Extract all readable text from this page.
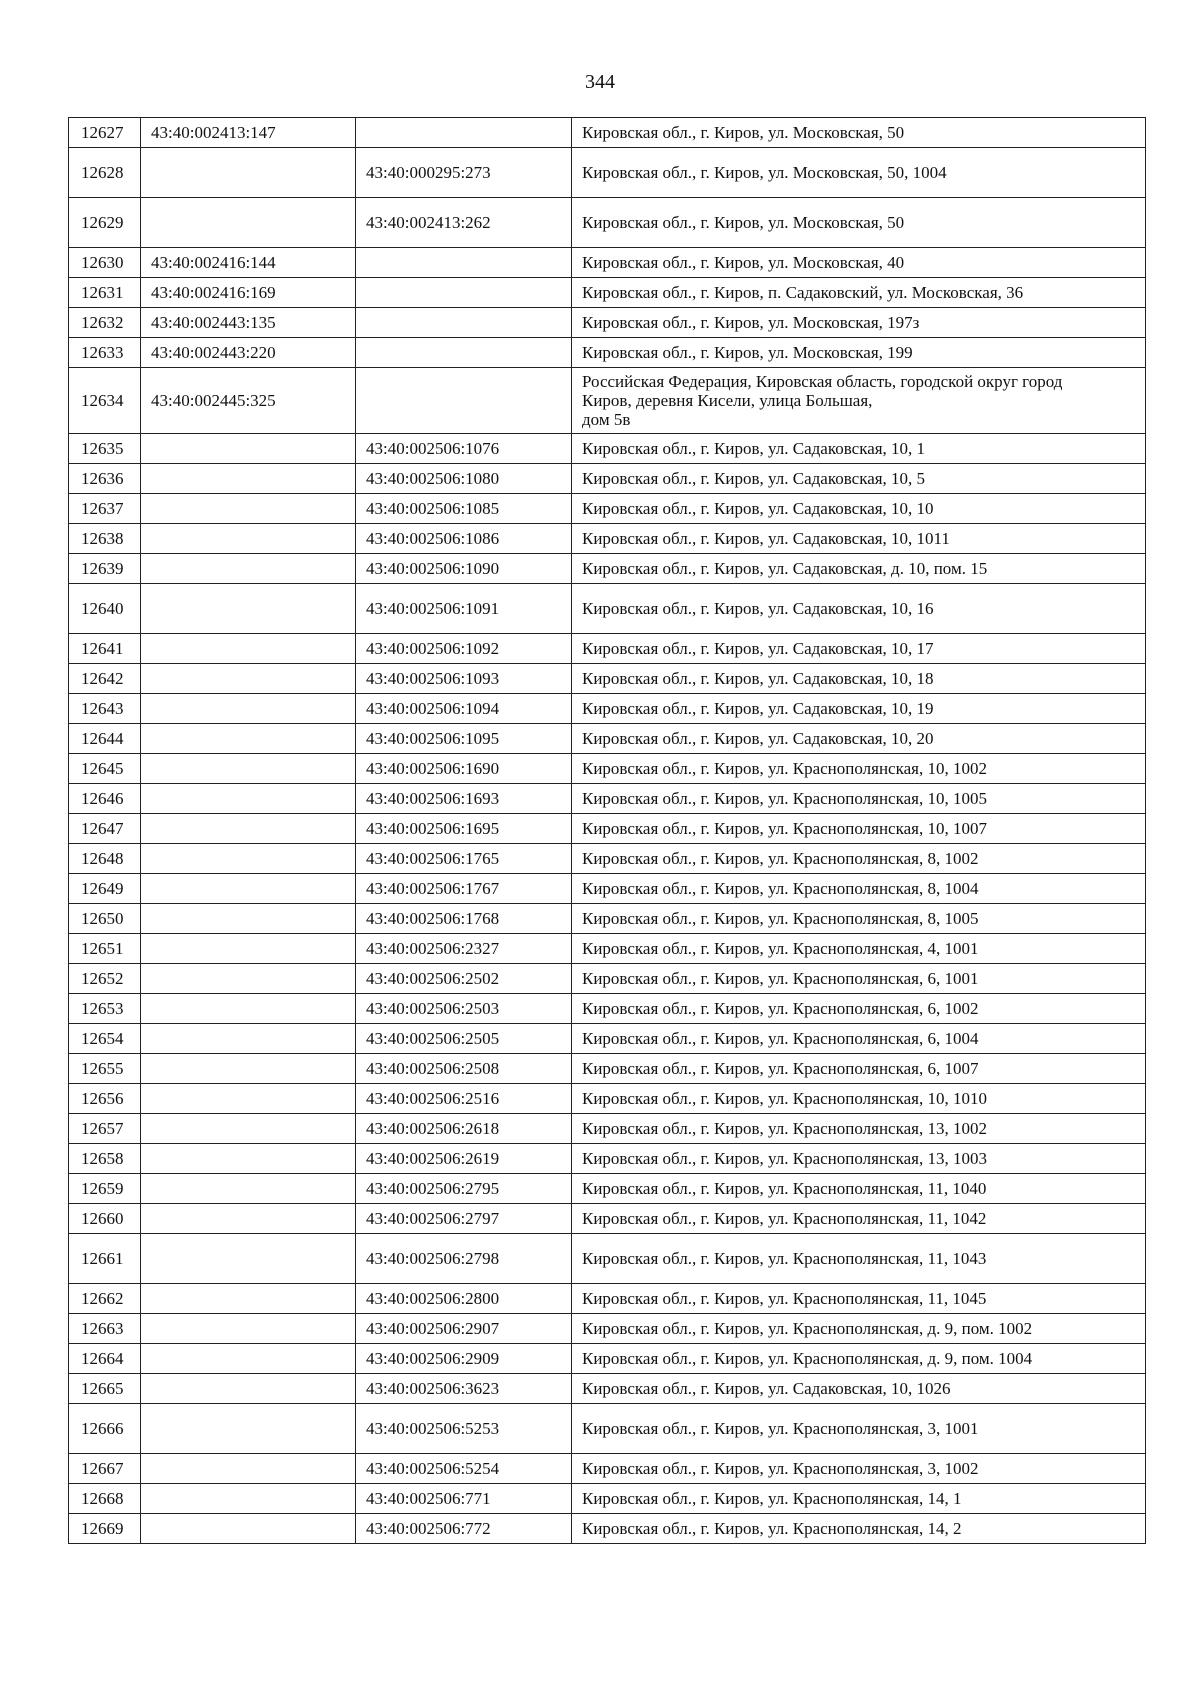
344
12627	43:40:002413:147		Кировская обл., г. Киров, ул. Московская, 50
12628		43:40:000295:273	Кировская обл., г. Киров, ул. Московская, 50, 1004
12629		43:40:002413:262	Кировская обл., г. Киров, ул. Московская, 50
12630	43:40:002416:144		Кировская обл., г. Киров, ул. Московская, 40
12631	43:40:002416:169		Кировская обл., г. Киров, п. Садаковский, ул. Московская, 36
12632	43:40:002443:135		Кировская обл., г. Киров, ул. Московская, 197з
12633	43:40:002443:220		Кировская обл., г. Киров, ул. Московская, 199
12634	43:40:002445:325		Российская Федерация, Кировская область, городской округ город
Киров, деревня Кисели, улица Большая,
дом 5в
12635		43:40:002506:1076	Кировская обл., г. Киров, ул. Садаковская, 10, 1
12636		43:40:002506:1080	Кировская обл., г. Киров, ул. Садаковская, 10, 5
12637		43:40:002506:1085	Кировская обл., г. Киров, ул. Садаковская, 10, 10
12638		43:40:002506:1086	Кировская обл., г. Киров, ул. Садаковская, 10, 1011
12639		43:40:002506:1090	Кировская обл., г. Киров, ул. Садаковская, д. 10, пом. 15
12640		43:40:002506:1091	Кировская обл., г. Киров, ул. Садаковская, 10, 16
12641		43:40:002506:1092	Кировская обл., г. Киров, ул. Садаковская, 10, 17
12642		43:40:002506:1093	Кировская обл., г. Киров, ул. Садаковская, 10, 18
12643		43:40:002506:1094	Кировская обл., г. Киров, ул. Садаковская, 10, 19
12644		43:40:002506:1095	Кировская обл., г. Киров, ул. Садаковская, 10, 20
12645		43:40:002506:1690	Кировская обл., г. Киров, ул. Краснополянская, 10, 1002
12646		43:40:002506:1693	Кировская обл., г. Киров, ул. Краснополянская, 10, 1005
12647		43:40:002506:1695	Кировская обл., г. Киров, ул. Краснополянская, 10, 1007
12648		43:40:002506:1765	Кировская обл., г. Киров, ул. Краснополянская, 8, 1002
12649		43:40:002506:1767	Кировская обл., г. Киров, ул. Краснополянская, 8, 1004
12650		43:40:002506:1768	Кировская обл., г. Киров, ул. Краснополянская, 8, 1005
12651		43:40:002506:2327	Кировская обл., г. Киров, ул. Краснополянская, 4, 1001
12652		43:40:002506:2502	Кировская обл., г. Киров, ул. Краснополянская, 6, 1001
12653		43:40:002506:2503	Кировская обл., г. Киров, ул. Краснополянская, 6, 1002
12654		43:40:002506:2505	Кировская обл., г. Киров, ул. Краснополянская, 6, 1004
12655		43:40:002506:2508	Кировская обл., г. Киров, ул. Краснополянская, 6, 1007
12656		43:40:002506:2516	Кировская обл., г. Киров, ул. Краснополянская, 10, 1010
12657		43:40:002506:2618	Кировская обл., г. Киров, ул. Краснополянская, 13, 1002
12658		43:40:002506:2619	Кировская обл., г. Киров, ул. Краснополянская, 13, 1003
12659		43:40:002506:2795	Кировская обл., г. Киров, ул. Краснополянская, 11, 1040
12660		43:40:002506:2797	Кировская обл., г. Киров, ул. Краснополянская, 11, 1042
12661		43:40:002506:2798	Кировская обл., г. Киров, ул. Краснополянская, 11, 1043
12662		43:40:002506:2800	Кировская обл., г. Киров, ул. Краснополянская, 11, 1045
12663		43:40:002506:2907	Кировская обл., г. Киров, ул. Краснополянская, д. 9, пом. 1002
12664		43:40:002506:2909	Кировская обл., г. Киров, ул. Краснополянская, д. 9, пом. 1004
12665		43:40:002506:3623	Кировская обл., г. Киров, ул. Садаковская, 10, 1026
12666		43:40:002506:5253	Кировская обл., г. Киров, ул. Краснополянская, 3, 1001
12667		43:40:002506:5254	Кировская обл., г. Киров, ул. Краснополянская, 3, 1002
12668		43:40:002506:771	Кировская обл., г. Киров, ул. Краснополянская, 14, 1
12669		43:40:002506:772	Кировская обл., г. Киров, ул. Краснополянская, 14, 2
